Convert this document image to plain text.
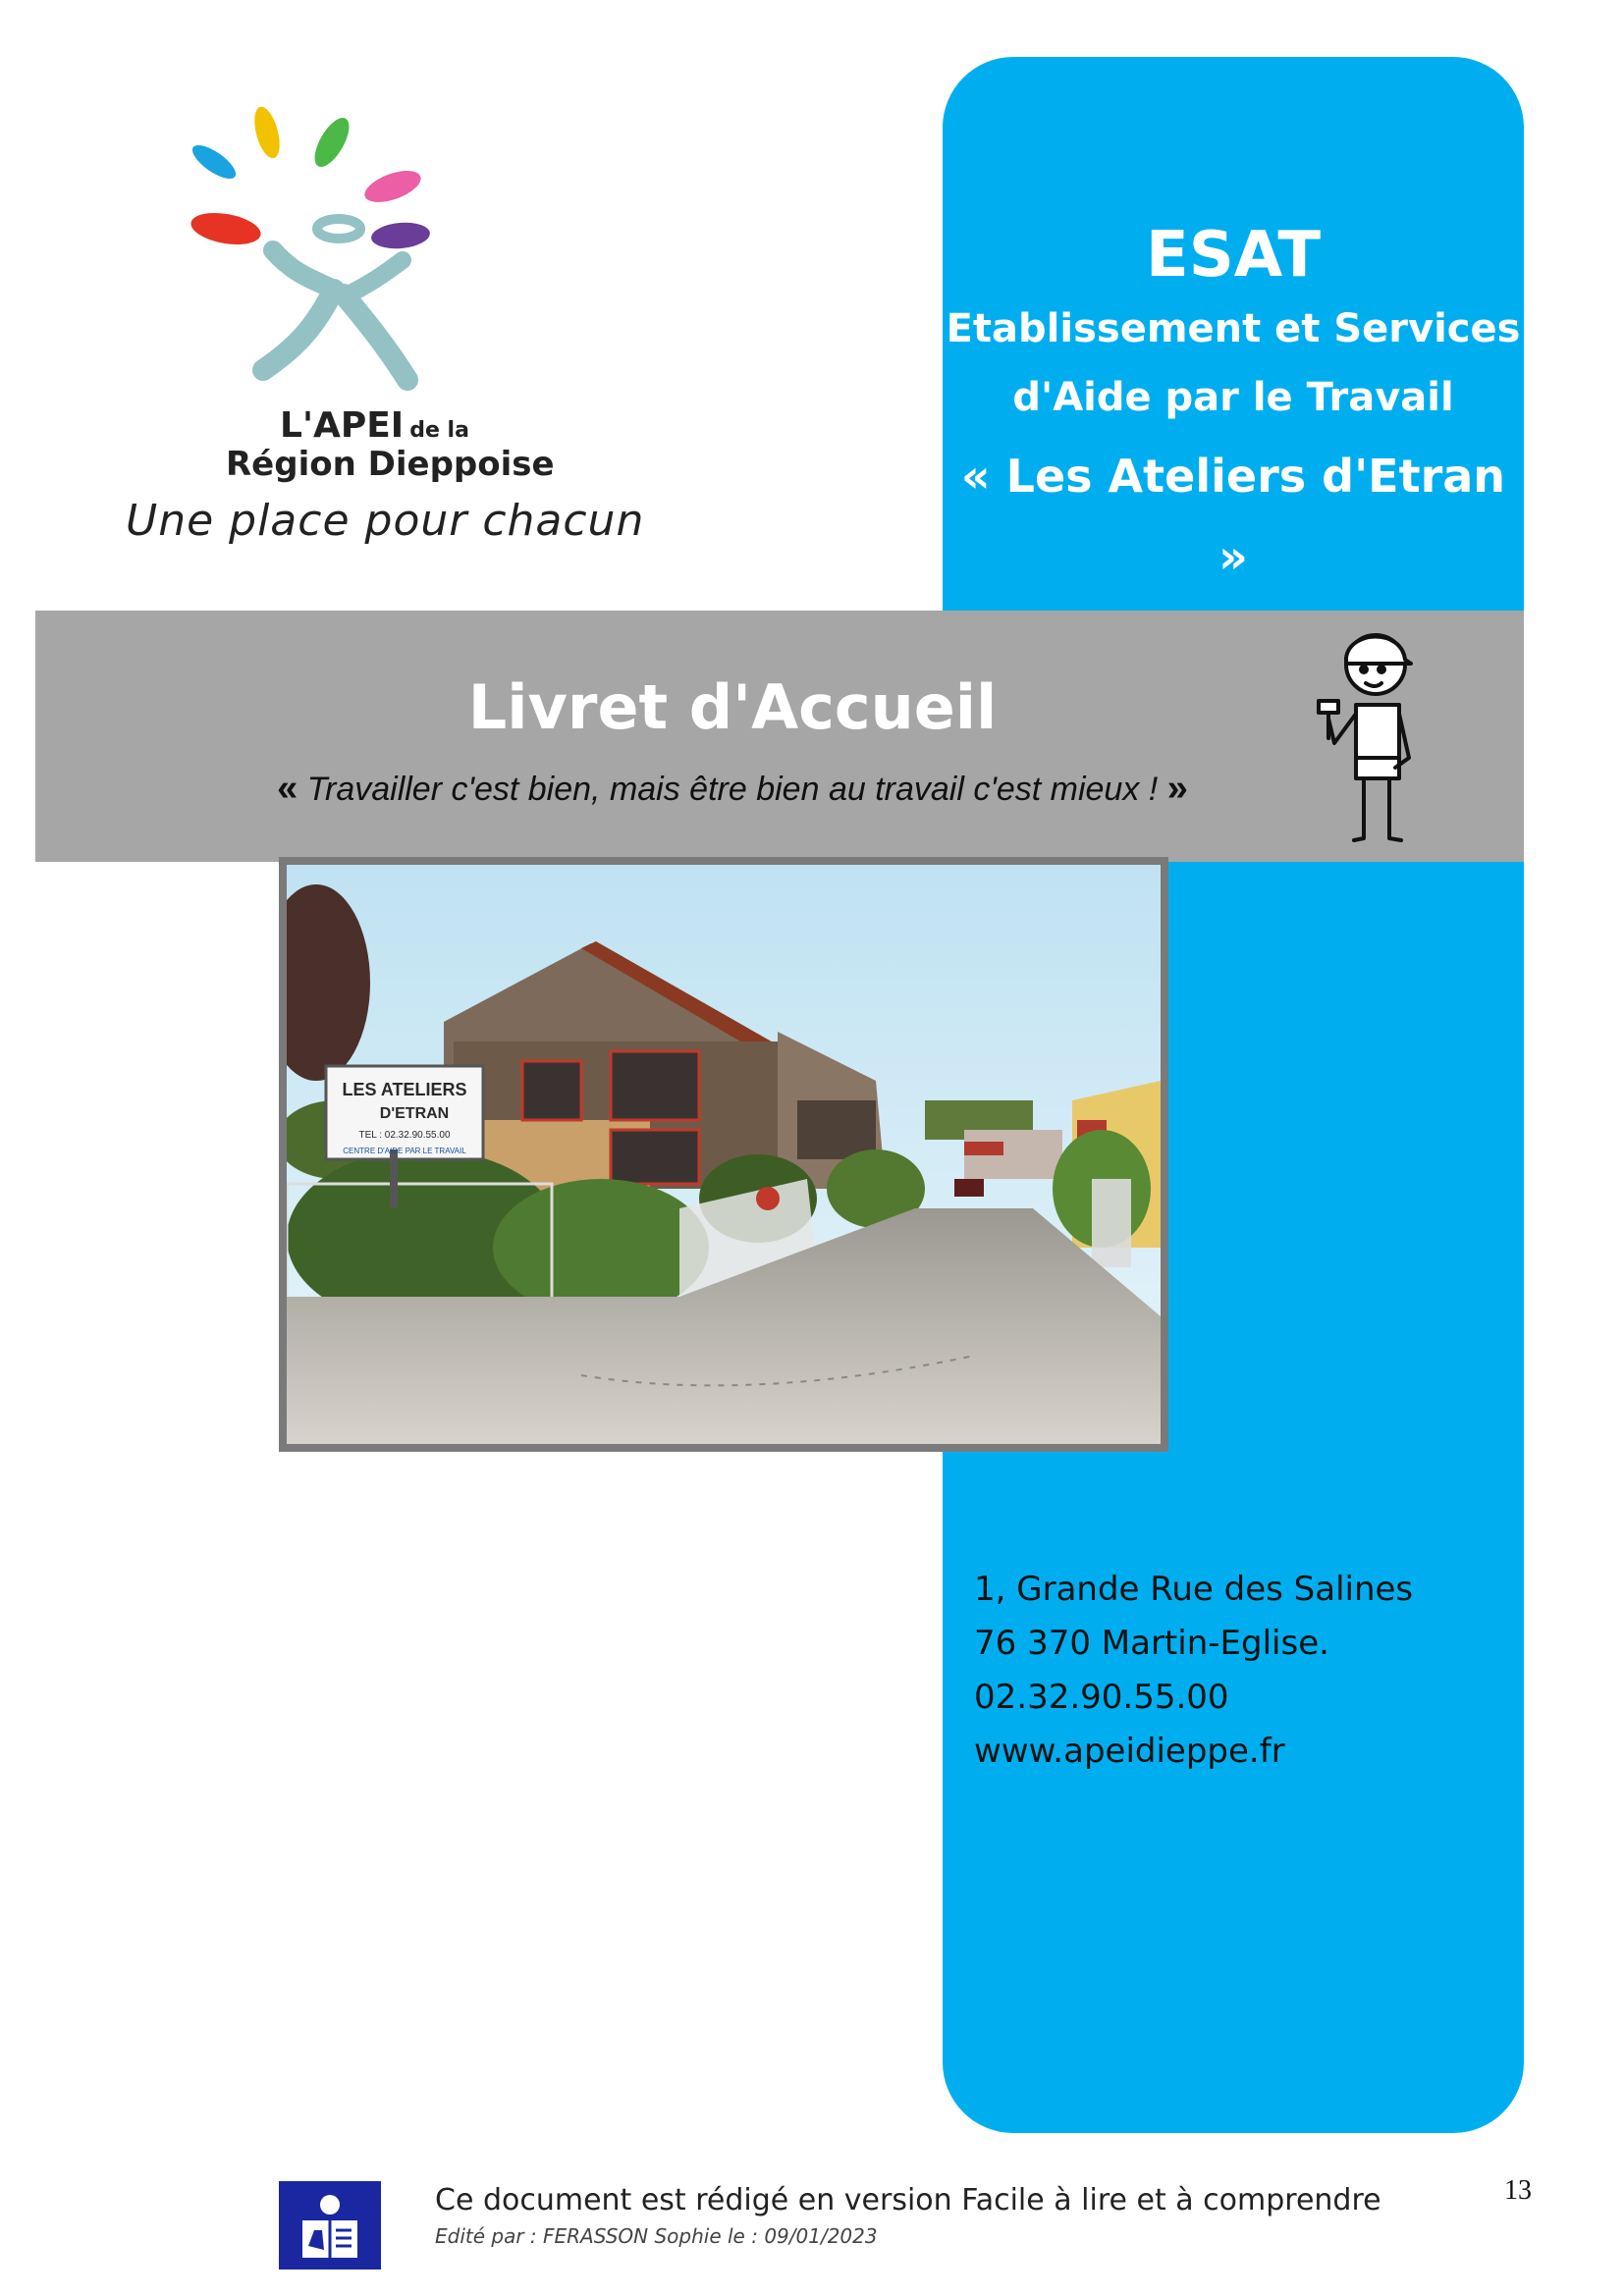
ESAT
Etablissement et Services
d'Aide par le Travail
« Les Ateliers d'Etran »
L'APEI de la
Région Dieppoise
Une place pour chacun
Livret d'Accueil
« Travailler c'est bien, mais être bien au travail c'est mieux ! »
LES ATELIERS
D'ETRAN
TEL : 02.32.90.55.00
CENTRE D'AIDE PAR LE TRAVAIL
1, Grande Rue des Salines
76 370 Martin-Eglise.
02.32.90.55.00
www.apeidieppe.fr
Ce document est rédigé en version Facile à lire et à comprendre
Edité par : FERASSON Sophie le : 09/01/2023
13
